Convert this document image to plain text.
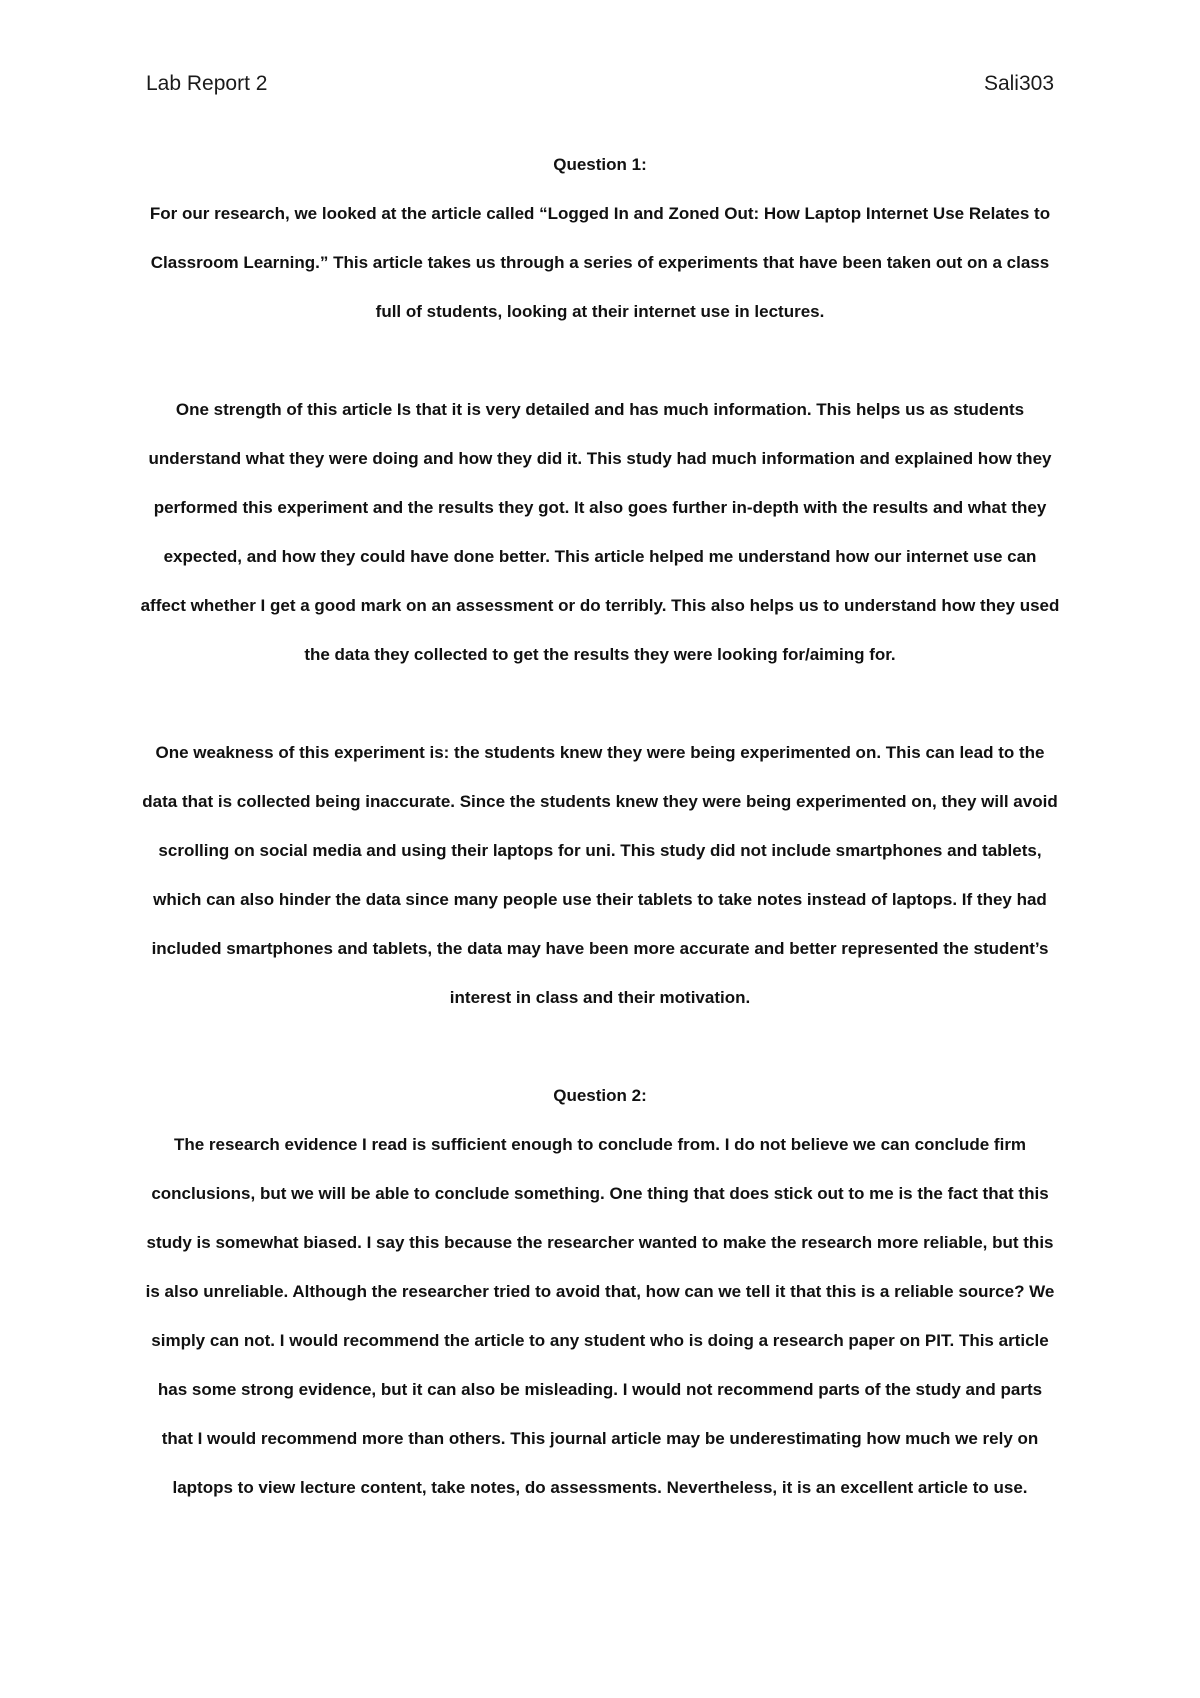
Lab Report 2	Sali303

Question 1:

For our research, we looked at the article called “Logged In and Zoned Out: How Laptop Internet Use Relates to Classroom Learning.” This article takes us through a series of experiments that have been taken out on a class full of students, looking at their internet use in lectures.

One strength of this article Is that it is very detailed and has much information. This helps us as students understand what they were doing and how they did it. This study had much information and explained how they performed this experiment and the results they got. It also goes further in-depth with the results and what they expected, and how they could have done better. This article helped me understand how our internet use can affect whether I get a good mark on an assessment or do terribly. This also helps us to understand how they used the data they collected to get the results they were looking for/aiming for.

One weakness of this experiment is: the students knew they were being experimented on. This can lead to the data that is collected being inaccurate. Since the students knew they were being experimented on, they will avoid scrolling on social media and using their laptops for uni. This study did not include smartphones and tablets, which can also hinder the data since many people use their tablets to take notes instead of laptops. If they had included smartphones and tablets, the data may have been more accurate and better represented the student’s interest in class and their motivation.

Question 2:

The research evidence I read is sufficient enough to conclude from. I do not believe we can conclude firm conclusions, but we will be able to conclude something. One thing that does stick out to me is the fact that this study is somewhat biased. I say this because the researcher wanted to make the research more reliable, but this is also unreliable. Although the researcher tried to avoid that, how can we tell it that this is a reliable source? We simply can not. I would recommend the article to any student who is doing a research paper on PIT. This article has some strong evidence, but it can also be misleading. I would not recommend parts of the study and parts that I would recommend more than others. This journal article may be underestimating how much we rely on laptops to view lecture content, take notes, do assessments. Nevertheless, it is an excellent article to use.
